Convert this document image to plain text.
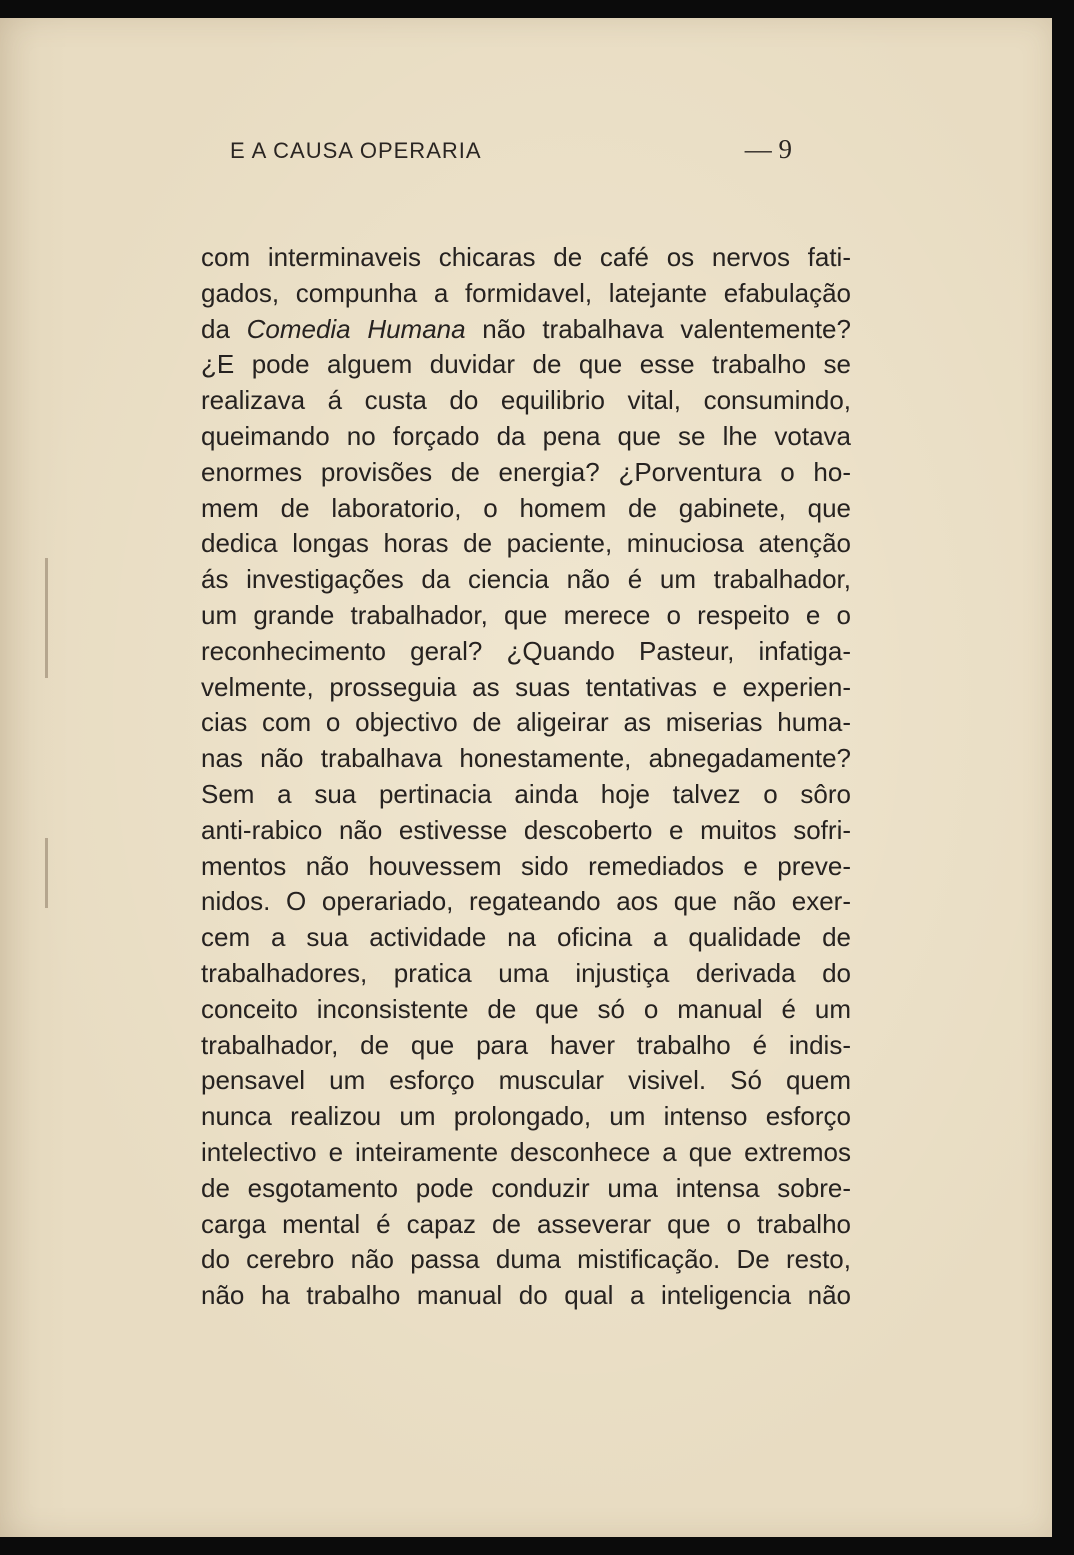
E A CAUSA OPERARIA	— 9
com interminaveis chicaras de café os nervos fati-
gados, compunha a formidavel, latejante efabulação
da Comedia Humana não trabalhava valentemente?
¿E pode alguem duvidar de que esse trabalho se
realizava á custa do equilibrio vital, consumindo,
queimando no forçado da pena que se lhe votava
enormes provisões de energia? ¿Porventura o ho-
mem de laboratorio, o homem de gabinete, que
dedica longas horas de paciente, minuciosa atenção
ás investigações da ciencia não é um trabalhador,
um grande trabalhador, que merece o respeito e o
reconhecimento geral? ¿Quando Pasteur, infatiga-
velmente, prosseguia as suas tentativas e experien-
cias com o objectivo de aligeirar as miserias huma-
nas não trabalhava honestamente, abnegadamente?
Sem a sua pertinacia ainda hoje talvez o sôro
anti-rabico não estivesse descoberto e muitos sofri-
mentos não houvessem sido remediados e preve-
nidos. O operariado, regateando aos que não exer-
cem a sua actividade na oficina a qualidade de
trabalhadores, pratica uma injustiça derivada do
conceito inconsistente de que só o manual é um
trabalhador, de que para haver trabalho é indis-
pensavel um esforço muscular visivel. Só quem
nunca realizou um prolongado, um intenso esforço
intelectivo e inteiramente desconhece a que extremos
de esgotamento pode conduzir uma intensa sobre-
carga mental é capaz de asseverar que o trabalho
do cerebro não passa duma mistificação. De resto,
não ha trabalho manual do qual a inteligencia não
